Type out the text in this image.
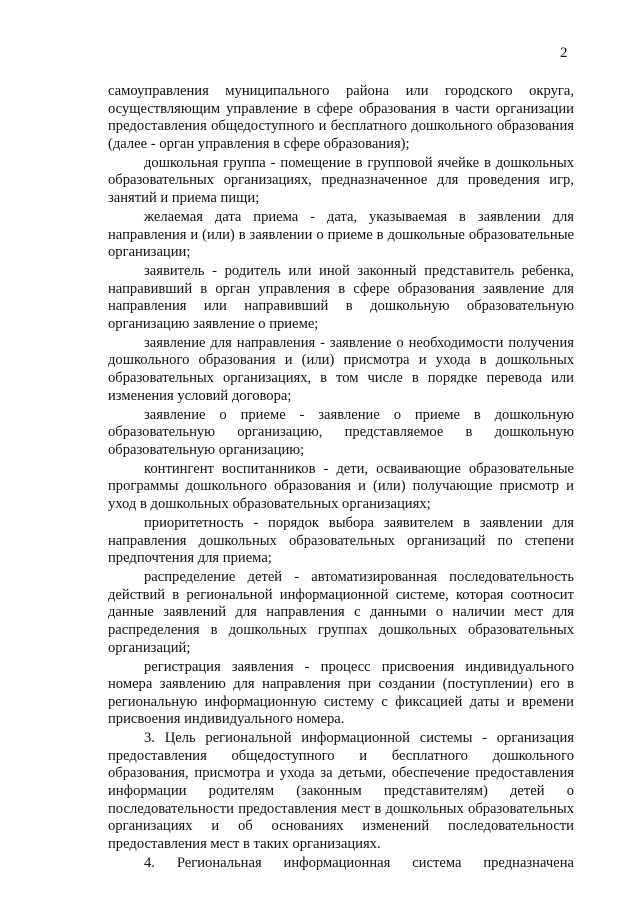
2

самоуправления муниципального района или городского округа, осуществляющим управление в сфере образования в части организации предоставления общедоступного и бесплатного дошкольного образования (далее - орган управления в сфере образования);

дошкольная группа - помещение в групповой ячейке в дошкольных образовательных организациях, предназначенное для проведения игр, занятий и приема пищи;

желаемая дата приема - дата, указываемая в заявлении для направления и (или) в заявлении о приеме в дошкольные образовательные организации;

заявитель - родитель или иной законный представитель ребенка, направивший в орган управления в сфере образования заявление для направления или направивший в дошкольную образовательную организацию заявление о приеме;

заявление для направления - заявление о необходимости получения дошкольного образования и (или) присмотра и ухода в дошкольных образовательных организациях, в том числе в порядке перевода или изменения условий договора;

заявление о приеме - заявление о приеме в дошкольную образовательную организацию, представляемое в дошкольную образовательную организацию;

контингент воспитанников - дети, осваивающие образовательные программы дошкольного образования и (или) получающие присмотр и уход в дошкольных образовательных организациях;

приоритетность - порядок выбора заявителем в заявлении для направления дошкольных образовательных организаций по степени предпочтения для приема;

распределение детей - автоматизированная последовательность действий в региональной информационной системе, которая соотносит данные заявлений для направления с данными о наличии мест для распределения в дошкольных группах дошкольных образовательных организаций;

регистрация заявления - процесс присвоения индивидуального номера заявлению для направления при создании (поступлении) его в региональную информационную систему с фиксацией даты и времени присвоения индивидуального номера.

3. Цель региональной информационной системы - организация предоставления общедоступного и бесплатного дошкольного образования, присмотра и ухода за детьми, обеспечение предоставления информации родителям (законным представителям) детей о последовательности предоставления мест в дошкольных образовательных организациях и об основаниях изменений последовательности предоставления мест в таких организациях.

4. Региональная информационная система предназначена
